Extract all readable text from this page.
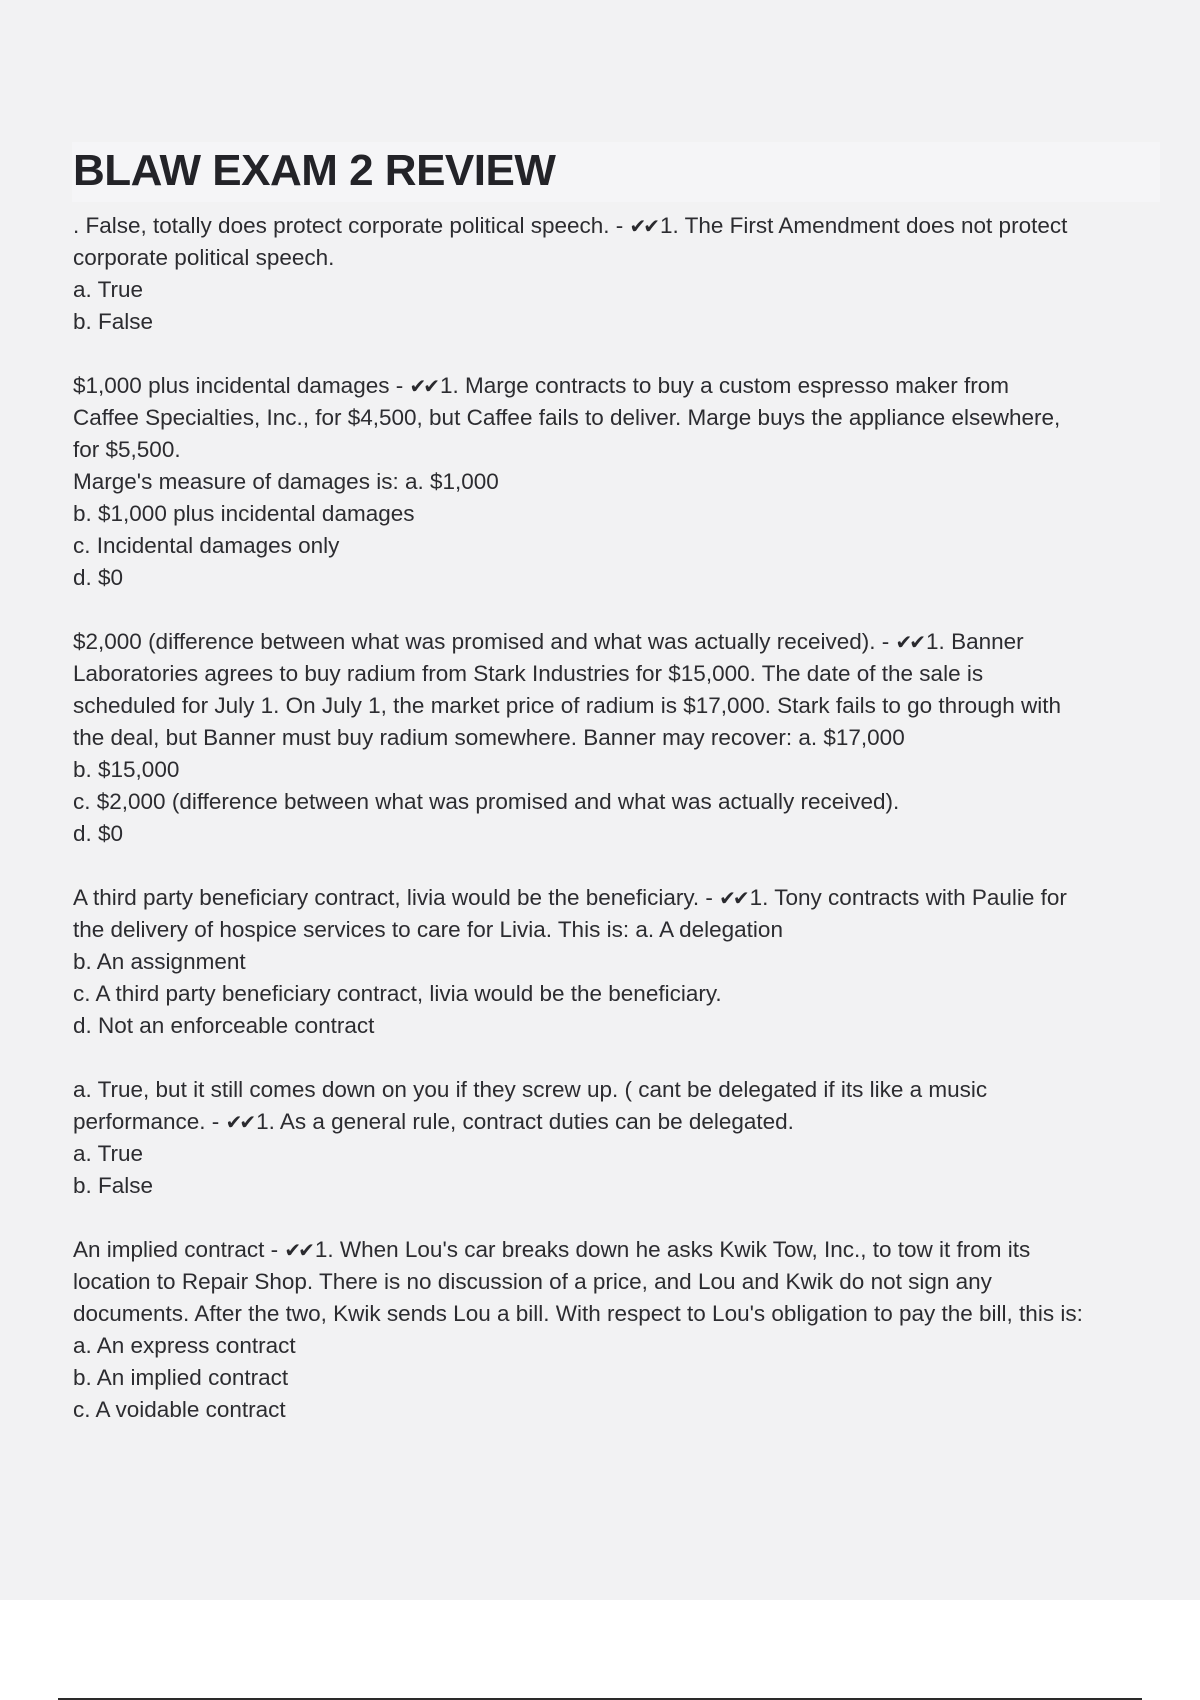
BLAW EXAM 2 REVIEW
. False, totally does protect corporate political speech. - ✔✔ 1. The First Amendment does not protect
corporate political speech.
a. True
b. False
$1,000 plus incidental damages - ✔✔ 1. Marge contracts to buy a custom espresso maker from
Caffee Specialties, Inc., for $4,500, but Caffee fails to deliver. Marge buys the appliance elsewhere,
for $5,500.
Marge's measure of damages is: a. $1,000
b. $1,000 plus incidental damages
c. Incidental damages only
d. $0
$2,000 (difference between what was promised and what was actually received). - ✔✔ 1. Banner
Laboratories agrees to buy radium from Stark Industries for $15,000. The date of the sale is
scheduled for July 1. On July 1, the market price of radium is $17,000. Stark fails to go through with
the deal, but Banner must buy radium somewhere. Banner may recover: a. $17,000
b. $15,000
c. $2,000 (difference between what was promised and what was actually received).
d. $0
A third party beneficiary contract, livia would be the beneficiary. - ✔✔ 1. Tony contracts with Paulie for
the delivery of hospice services to care for Livia. This is: a. A delegation
b. An assignment
c. A third party beneficiary contract, livia would be the beneficiary.
d. Not an enforceable contract
a. True, but it still comes down on you if they screw up. ( cant be delegated if its like a music
performance. - ✔✔ 1. As a general rule, contract duties can be delegated.
a. True
b. False
An implied contract - ✔✔ 1. When Lou's car breaks down he asks Kwik Tow, Inc., to tow it from its
location to Repair Shop. There is no discussion of a price, and Lou and Kwik do not sign any
documents. After the two, Kwik sends Lou a bill. With respect to Lou's obligation to pay the bill, this is:
a. An express contract
b. An implied contract
c. A voidable contract
